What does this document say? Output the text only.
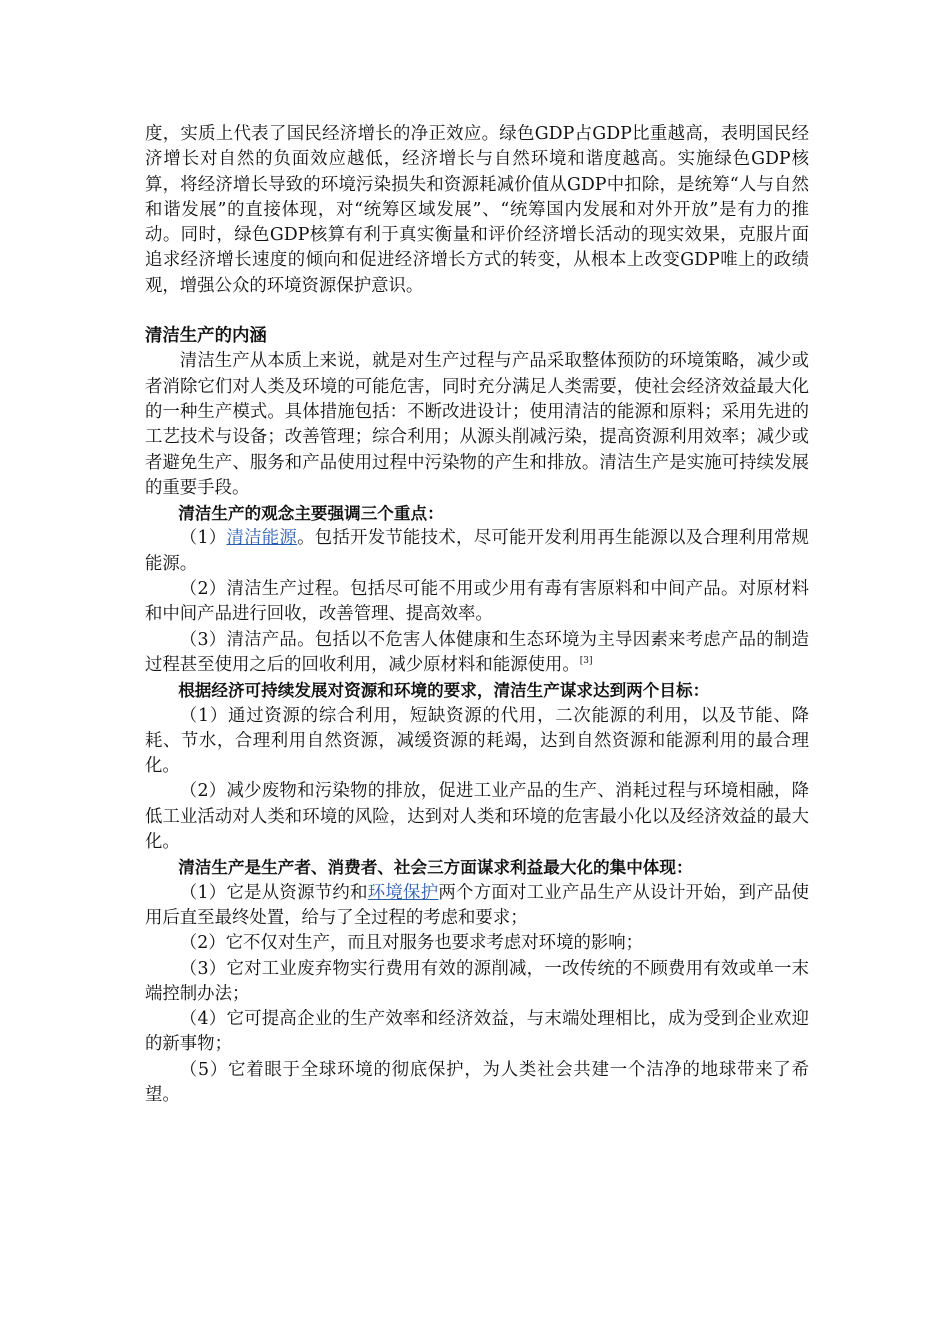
度，实质上代表了国民经济增长的净正效应。绿色GDP占GDP比重越高，表明国民经济增长对自然的负面效应越低，经济增长与自然环境和谐度越高。实施绿色GDP核算，将经济增长导致的环境污染损失和资源耗减价值从GDP中扣除，是统筹“人与自然和谐发展”的直接体现，对“统筹区域发展”、“统筹国内发展和对外开放”是有力的推动。同时，绿色GDP核算有利于真实衡量和评价经济增长活动的现实效果，克服片面追求经济增长速度的倾向和促进经济增长方式的转变，从根本上改变GDP唯上的政绩观，增强公众的环境资源保护意识。

清洁生产的内涵

清洁生产从本质上来说，就是对生产过程与产品采取整体预防的环境策略，减少或者消除它们对人类及环境的可能危害，同时充分满足人类需要，使社会经济效益最大化的一种生产模式。具体措施包括：不断改进设计；使用清洁的能源和原料；采用先进的工艺技术与设备；改善管理；综合利用；从源头削减污染，提高资源利用效率；减少或者避免生产、服务和产品使用过程中污染物的产生和排放。清洁生产是实施可持续发展的重要手段。

清洁生产的观念主要强调三个重点：

（1）清洁能源。包括开发节能技术，尽可能开发利用再生能源以及合理利用常规能源。

（2）清洁生产过程。包括尽可能不用或少用有毒有害原料和中间产品。对原材料和中间产品进行回收，改善管理、提高效率。

（3）清洁产品。包括以不危害人体健康和生态环境为主导因素来考虑产品的制造过程甚至使用之后的回收利用，减少原材料和能源使用。[3]

根据经济可持续发展对资源和环境的要求，清洁生产谋求达到两个目标：

（1）通过资源的综合利用，短缺资源的代用，二次能源的利用，以及节能、降耗、节水，合理利用自然资源，减缓资源的耗竭，达到自然资源和能源利用的最合理化。

（2）减少废物和污染物的排放，促进工业产品的生产、消耗过程与环境相融，降低工业活动对人类和环境的风险，达到对人类和环境的危害最小化以及经济效益的最大化。

清洁生产是生产者、消费者、社会三方面谋求利益最大化的集中体现：

（1）它是从资源节约和环境保护两个方面对工业产品生产从设计开始，到产品使用后直至最终处置，给与了全过程的考虑和要求；

（2）它不仅对生产，而且对服务也要求考虑对环境的影响；

（3）它对工业废弃物实行费用有效的源削减，一改传统的不顾费用有效或单一末端控制办法；

（4）它可提高企业的生产效率和经济效益，与末端处理相比，成为受到企业欢迎的新事物；

（5）它着眼于全球环境的彻底保护，为人类社会共建一个洁净的地球带来了希望。
